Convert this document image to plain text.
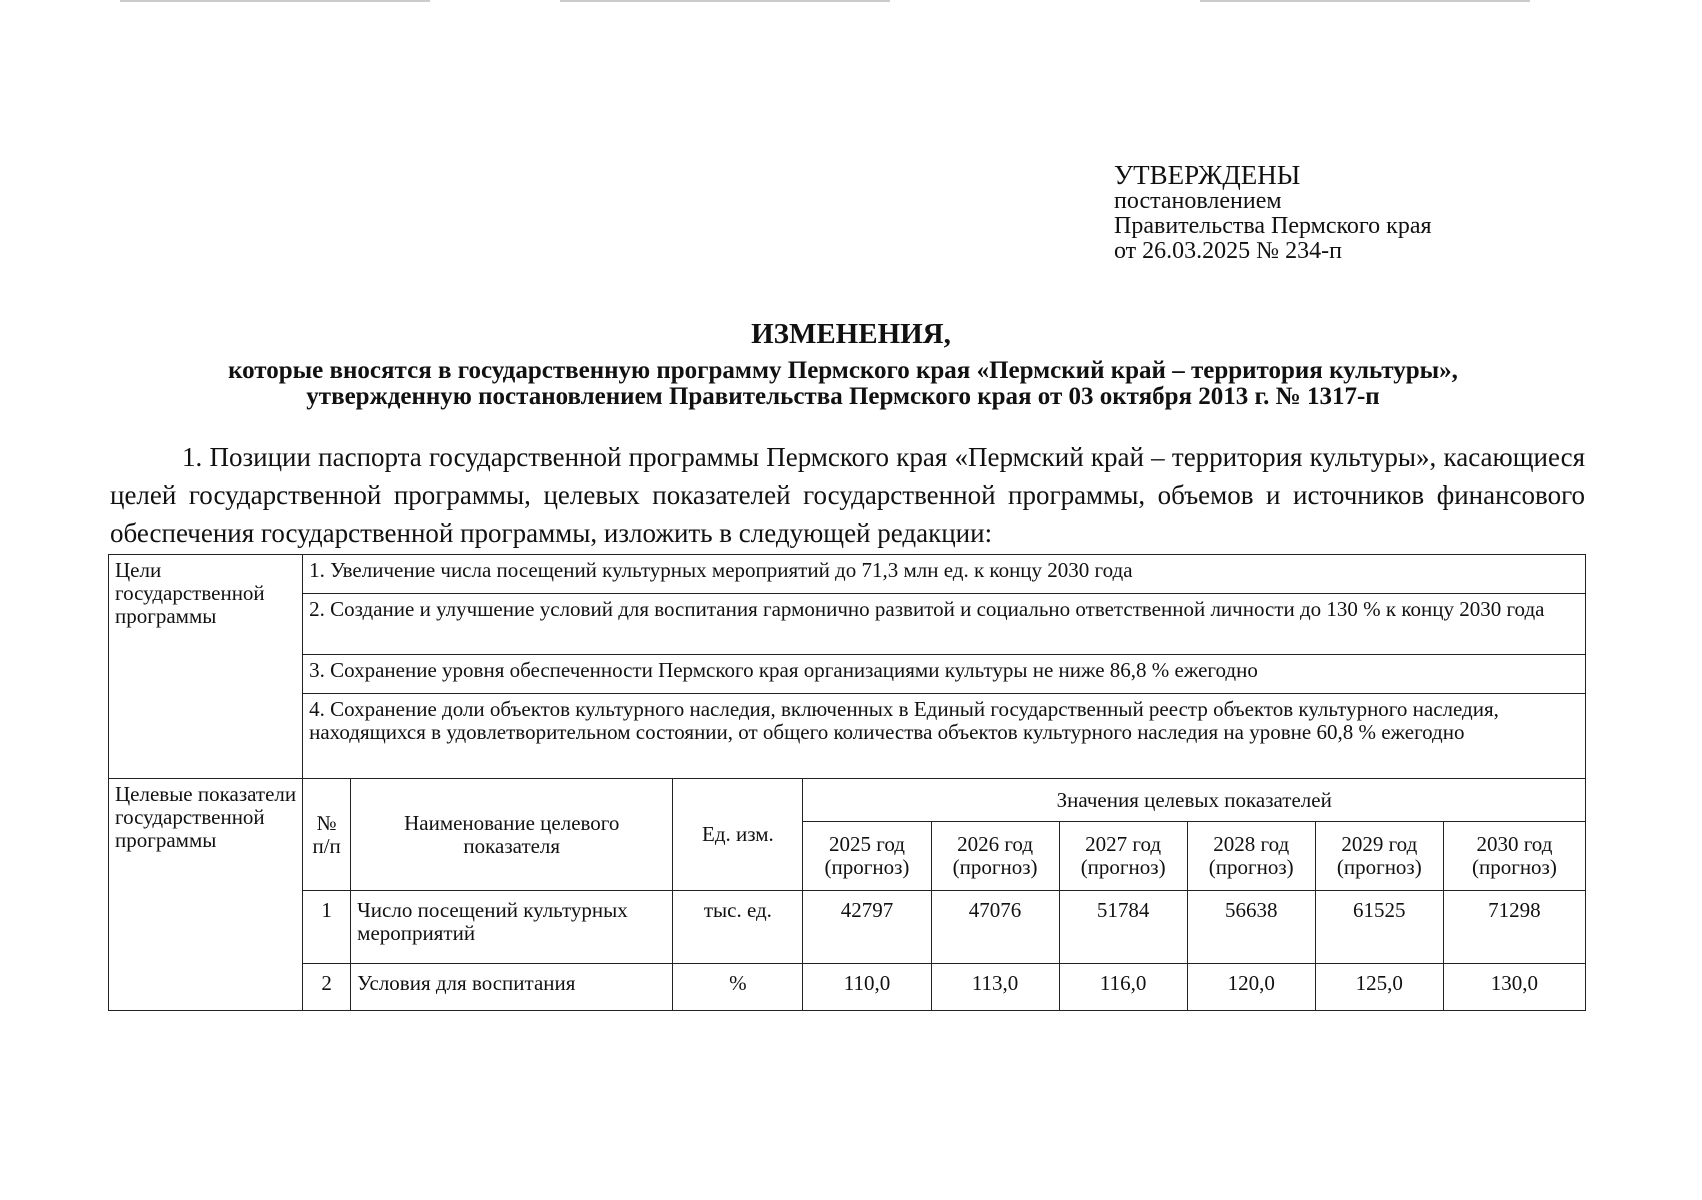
УТВЕРЖДЕНЫ
постановлением
Правительства Пермского края
от 26.03.2025 № 234-п
ИЗМЕНЕНИЯ,
которые вносятся в государственную программу Пермского края «Пермский край – территория культуры»,
утвержденную постановлением Правительства Пермского края от 03 октября 2013 г. № 1317-п
1. Позиции паспорта государственной программы Пермского края «Пермский край – территория культуры», касающиеся целей государственной программы, целевых показателей государственной программы, объемов и источников финансового обеспечения государственной программы, изложить в следующей редакции:
Цели государственной программы	1. Увеличение числа посещений культурных мероприятий до 71,3 млн ед. к концу 2030 года								
	2. Создание и улучшение условий для воспитания гармонично развитой и социально ответственной личности до 130 % к концу 2030 года								
	3. Сохранение уровня обеспеченности Пермского края организациями культуры не ниже 86,8 % ежегодно								
	4. Сохранение доли объектов культурного наследия, включенных в Единый государственный реестр объектов культурного наследия, находящихся в удовлетворительном состоянии, от общего количества объектов культурного наследия на уровне 60,8 % ежегодно								
Целевые показатели государственной программы	№ п/п	Наименование целевого показателя	Ед. изм.	Значения целевых показателей					
				2025 год (прогноз)	2026 год (прогноз)	2027 год (прогноз)	2028 год (прогноз)	2029 год (прогноз)	2030 год (прогноз)
	1	Число посещений культурных мероприятий	тыс. ед.	42797	47076	51784	56638	61525	71298
	2	Условия для воспитания	%	110,0	113,0	116,0	120,0	125,0	130,0
